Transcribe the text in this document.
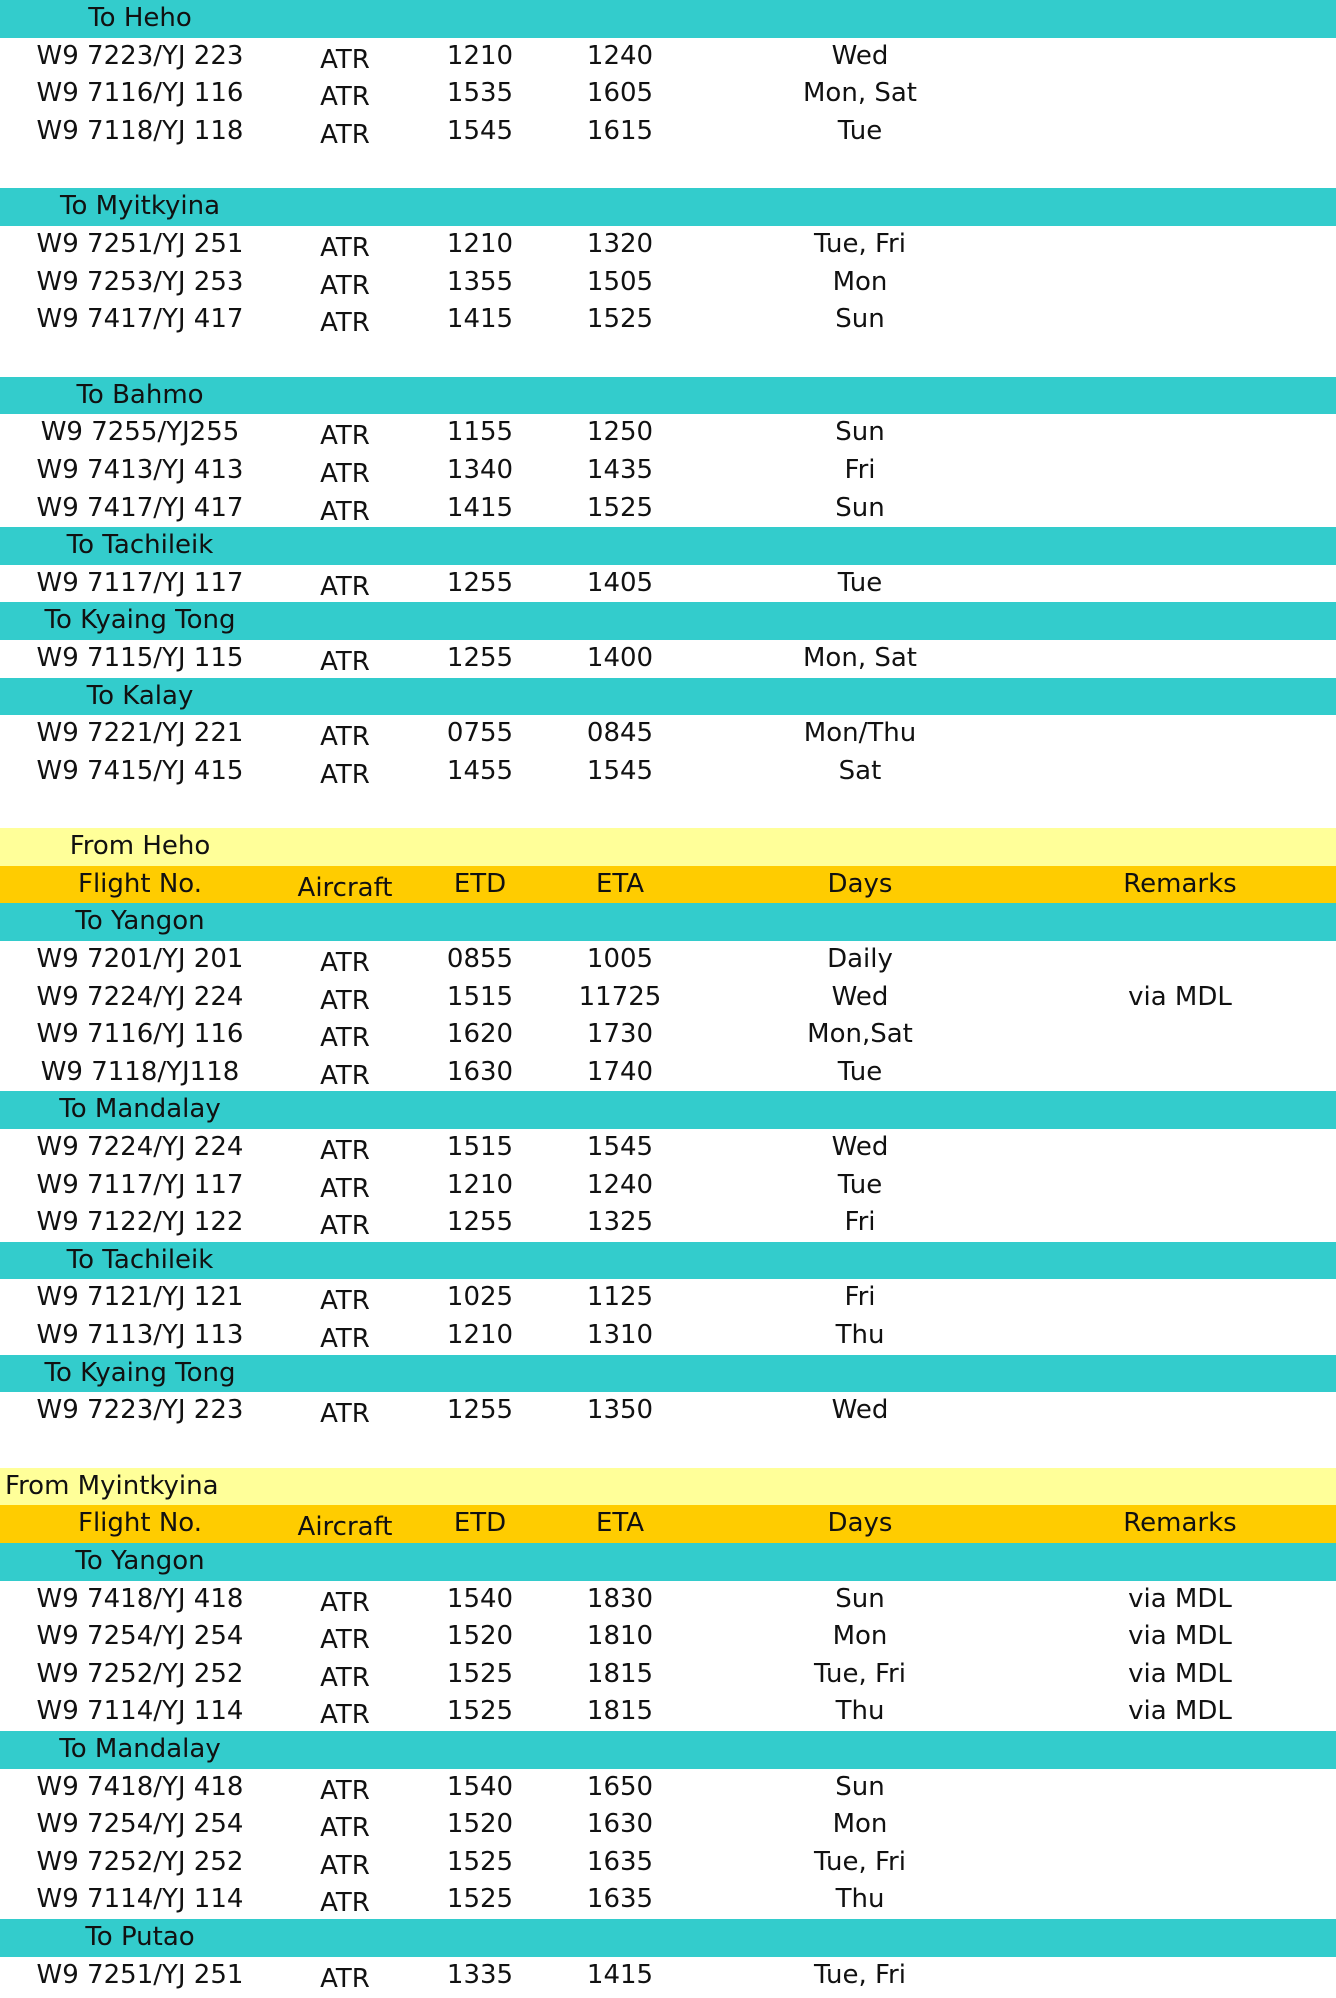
To Heho
W9 7223/YJ 223	ATR	1210	1240	Wed
W9 7116/YJ 116	ATR	1535	1605	Mon, Sat
W9 7118/YJ 118	ATR	1545	1615	Tue
To Myitkyina
W9 7251/YJ 251	ATR	1210	1320	Tue, Fri
W9 7253/YJ 253	ATR	1355	1505	Mon
W9 7417/YJ 417	ATR	1415	1525	Sun
To Bahmo
W9 7255/YJ255	ATR	1155	1250	Sun
W9 7413/YJ 413	ATR	1340	1435	Fri
W9 7417/YJ 417	ATR	1415	1525	Sun
To Tachileik
W9 7117/YJ 117	ATR	1255	1405	Tue
To Kyaing Tong
W9 7115/YJ 115	ATR	1255	1400	Mon, Sat
To Kalay
W9 7221/YJ 221	ATR	0755	0845	Mon/Thu
W9 7415/YJ 415	ATR	1455	1545	Sat
From Heho
Flight No.	Aircraft	ETD	ETA	Days	Remarks
To Yangon
W9 7201/YJ 201	ATR	0855	1005	Daily
W9 7224/YJ 224	ATR	1515	11725	Wed	via MDL
W9 7116/YJ 116	ATR	1620	1730	Mon,Sat
W9 7118/YJ118	ATR	1630	1740	Tue
To Mandalay
W9 7224/YJ 224	ATR	1515	1545	Wed
W9 7117/YJ 117	ATR	1210	1240	Tue
W9 7122/YJ 122	ATR	1255	1325	Fri
To Tachileik
W9 7121/YJ 121	ATR	1025	1125	Fri
W9 7113/YJ 113	ATR	1210	1310	Thu
To Kyaing Tong
W9 7223/YJ 223	ATR	1255	1350	Wed
From Myintkyina
Flight No.	Aircraft	ETD	ETA	Days	Remarks
To Yangon
W9 7418/YJ 418	ATR	1540	1830	Sun	via MDL
W9 7254/YJ 254	ATR	1520	1810	Mon	via MDL
W9 7252/YJ 252	ATR	1525	1815	Tue, Fri	via MDL
W9 7114/YJ 114	ATR	1525	1815	Thu	via MDL
To Mandalay
W9 7418/YJ 418	ATR	1540	1650	Sun
W9 7254/YJ 254	ATR	1520	1630	Mon
W9 7252/YJ 252	ATR	1525	1635	Tue, Fri
W9 7114/YJ 114	ATR	1525	1635	Thu
To Putao
W9 7251/YJ 251	ATR	1335	1415	Tue, Fri
